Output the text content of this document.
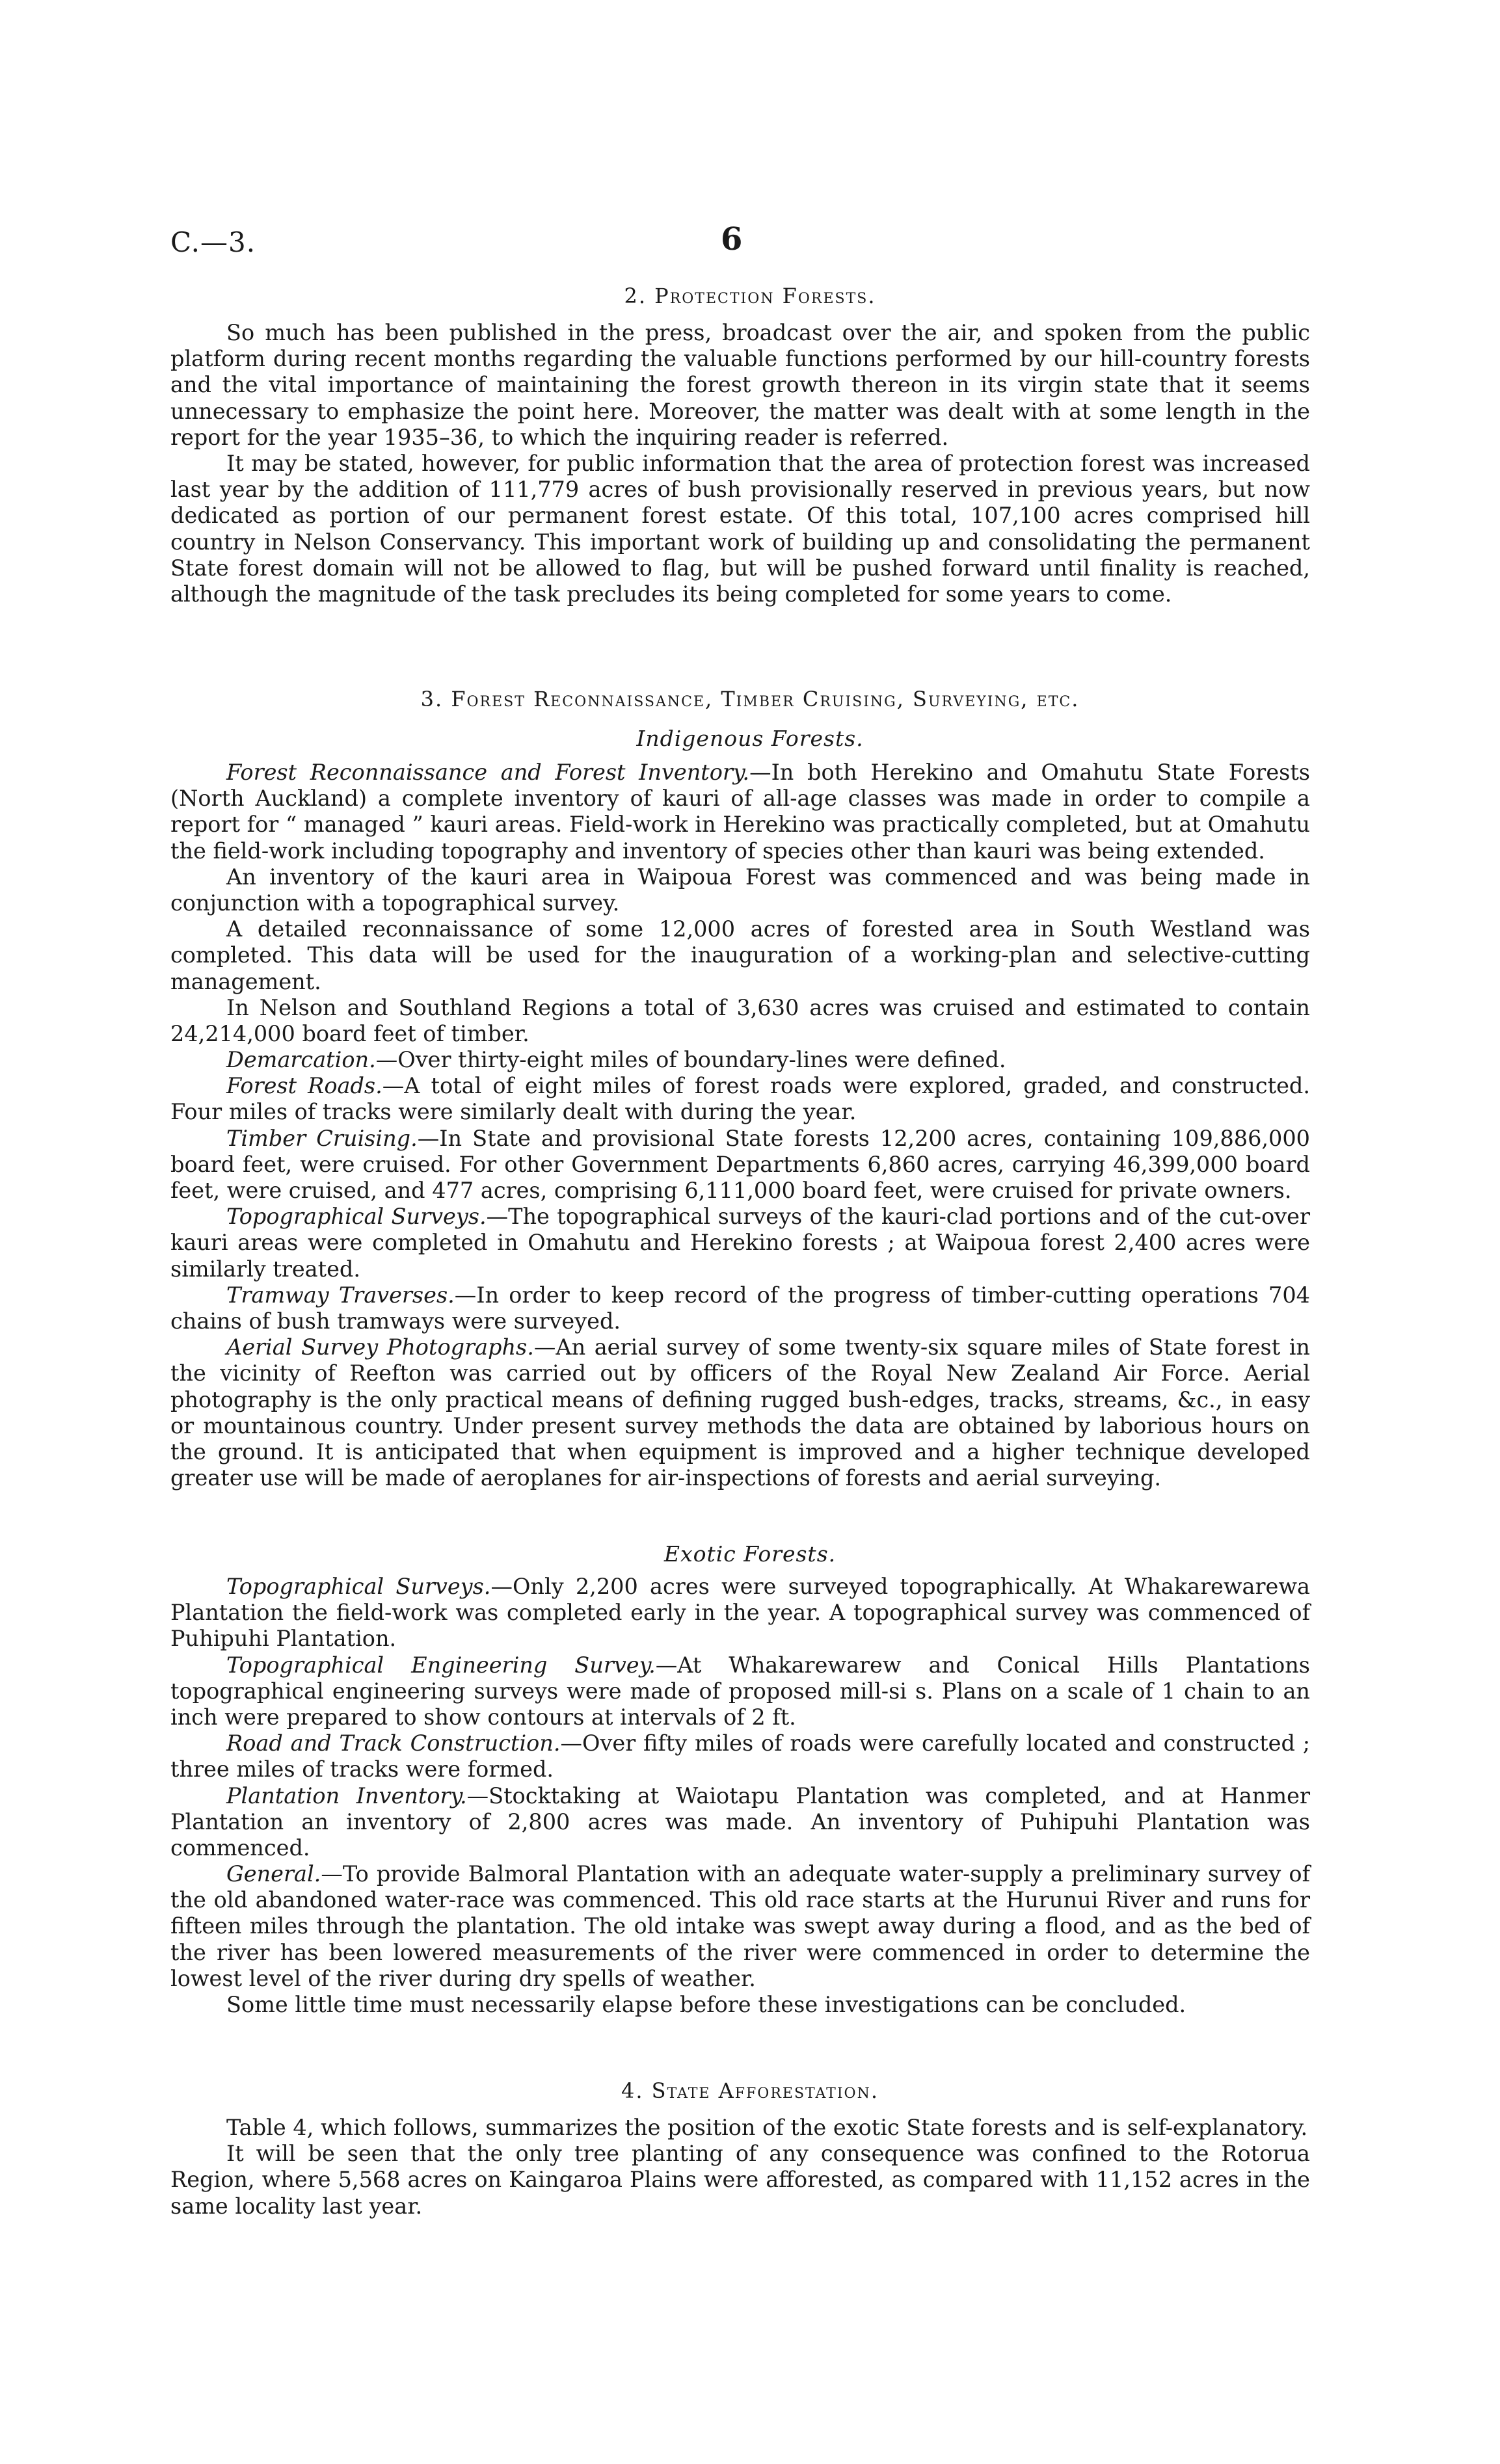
C.—3.	6
2. Protection Forests.

So much has been published in the press, broadcast over the air, and spoken from the public platform during recent months regarding the valuable functions performed by our hill-country forests and the vital importance of maintaining the forest growth thereon in its virgin state that it seems unnecessary to emphasize the point here. Moreover, the matter was dealt with at some length in the report for the year 1935–36, to which the inquiring reader is referred.

It may be stated, however, for public information that the area of protection forest was increased last year by the addition of 111,779 acres of bush provisionally reserved in previous years, but now dedicated as portion of our permanent forest estate. Of this total, 107,100 acres comprised hill country in Nelson Conservancy. This important work of building up and consolidating the permanent State forest domain will not be allowed to flag, but will be pushed forward until finality is reached, although the magnitude of the task precludes its being completed for some years to come.

3. Forest Reconnaissance, Timber Cruising, Surveying, etc.
Indigenous Forests.

Forest Reconnaissance and Forest Inventory.—In both Herekino and Omahutu State Forests (North Auckland) a complete inventory of kauri of all-age classes was made in order to compile a report for “ managed ” kauri areas. Field-work in Herekino was practically completed, but at Omahutu the field-work including topography and inventory of species other than kauri was being extended.

An inventory of the kauri area in Waipoua Forest was commenced and was being made in conjunction with a topographical survey.

A detailed reconnaissance of some 12,000 acres of forested area in South Westland was completed. This data will be used for the inauguration of a working-plan and selective-cutting management.

In Nelson and Southland Regions a total of 3,630 acres was cruised and estimated to contain 24,214,000 board feet of timber.

Demarcation.—Over thirty-eight miles of boundary-lines were defined.

Forest Roads.—A total of eight miles of forest roads were explored, graded, and constructed. Four miles of tracks were similarly dealt with during the year.

Timber Cruising.—In State and provisional State forests 12,200 acres, containing 109,886,000 board feet, were cruised. For other Government Departments 6,860 acres, carrying 46,399,000 board feet, were cruised, and 477 acres, comprising 6,111,000 board feet, were cruised for private owners.

Topographical Surveys.—The topographical surveys of the kauri-clad portions and of the cut-over kauri areas were completed in Omahutu and Herekino forests ; at Waipoua forest 2,400 acres were similarly treated.

Tramway Traverses.—In order to keep record of the progress of timber-cutting operations 704 chains of bush tramways were surveyed.

Aerial Survey Photographs.—An aerial survey of some twenty-six square miles of State forest in the vicinity of Reefton was carried out by officers of the Royal New Zealand Air Force. Aerial photography is the only practical means of defining rugged bush-edges, tracks, streams, &c., in easy or mountainous country. Under present survey methods the data are obtained by laborious hours on the ground. It is anticipated that when equipment is improved and a higher technique developed greater use will be made of aeroplanes for air-inspections of forests and aerial surveying.

Exotic Forests.

Topographical Surveys.—Only 2,200 acres were surveyed topographically. At Whakarewarewa Plantation the field-work was completed early in the year. A topographical survey was commenced of Puhipuhi Plantation.

Topographical Engineering Survey.—At Whakarewarew and Conical Hills Plantations topographical engineering surveys were made of proposed mill-si s. Plans on a scale of 1 chain to an inch were prepared to show contours at intervals of 2 ft.

Road and Track Construction.—Over fifty miles of roads were carefully located and constructed ; three miles of tracks were formed.

Plantation Inventory.—Stocktaking at Waiotapu Plantation was completed, and at Hanmer Plantation an inventory of 2,800 acres was made. An inventory of Puhipuhi Plantation was commenced.

General.—To provide Balmoral Plantation with an adequate water-supply a preliminary survey of the old abandoned water-race was commenced. This old race starts at the Hurunui River and runs for fifteen miles through the plantation. The old intake was swept away during a flood, and as the bed of the river has been lowered measurements of the river were commenced in order to determine the lowest level of the river during dry spells of weather.

Some little time must necessarily elapse before these investigations can be concluded.

4. State Afforestation.

Table 4, which follows, summarizes the position of the exotic State forests and is self-explanatory.

It will be seen that the only tree planting of any consequence was confined to the Rotorua Region, where 5,568 acres on Kaingaroa Plains were afforested, as compared with 11,152 acres in the same locality last year.
